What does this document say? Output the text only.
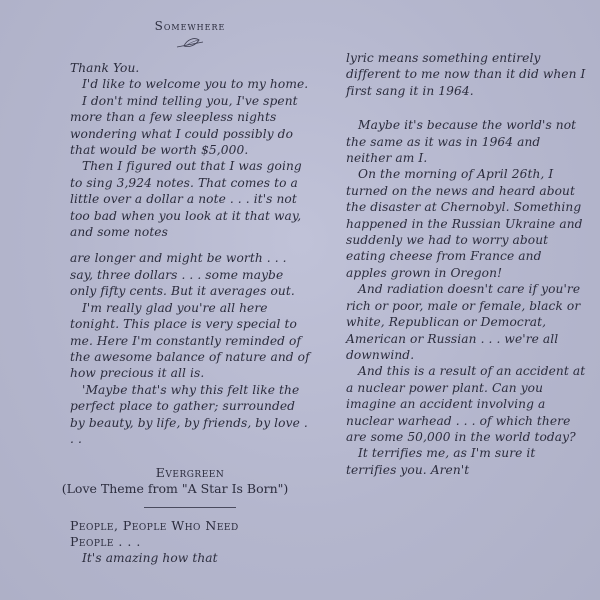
Somewhere

Thank You.

I'd like to welcome you to my home.

I don't mind telling you, I've spent more than a few sleepless nights wondering what I could possibly do that would be worth $5,000.

Then I figured out that I was going to sing 3,924 notes. That comes to a little over a dollar a note . . . it's not too bad when you look at it that way, and some notes

are longer and might be worth . . . say, three dollars . . . some maybe only fifty cents. But it averages out.

I'm really glad you're all here tonight. This place is very special to me. Here I'm constantly reminded of the awesome balance of nature and of how precious it all is.

'Maybe that's why this felt like the perfect place to gather; surrounded by beauty, by life, by friends, by love . . .

Evergreen
(Love Theme from "A Star Is Born")
People, People Who Need People . . .

It's amazing how that

lyric means something entirely different to me now than it did when I first sang it in 1964.

Maybe it's because the world's not the same as it was in 1964 and neither am I.

On the morning of April 26th, I turned on the news and heard about the disaster at Chernobyl. Something happened in the Russian Ukraine and suddenly we had to worry about eating cheese from France and apples grown in Oregon!

And radiation doesn't care if you're rich or poor, male or female, black or white, Republican or Democrat, American or Russian . . . we're all downwind.

And this is a result of an accident at a nuclear power plant. Can you imagine an accident involving a nuclear warhead . . . of which there are some 50,000 in the world today?

It terrifies me, as I'm sure it terrifies you. Aren't
